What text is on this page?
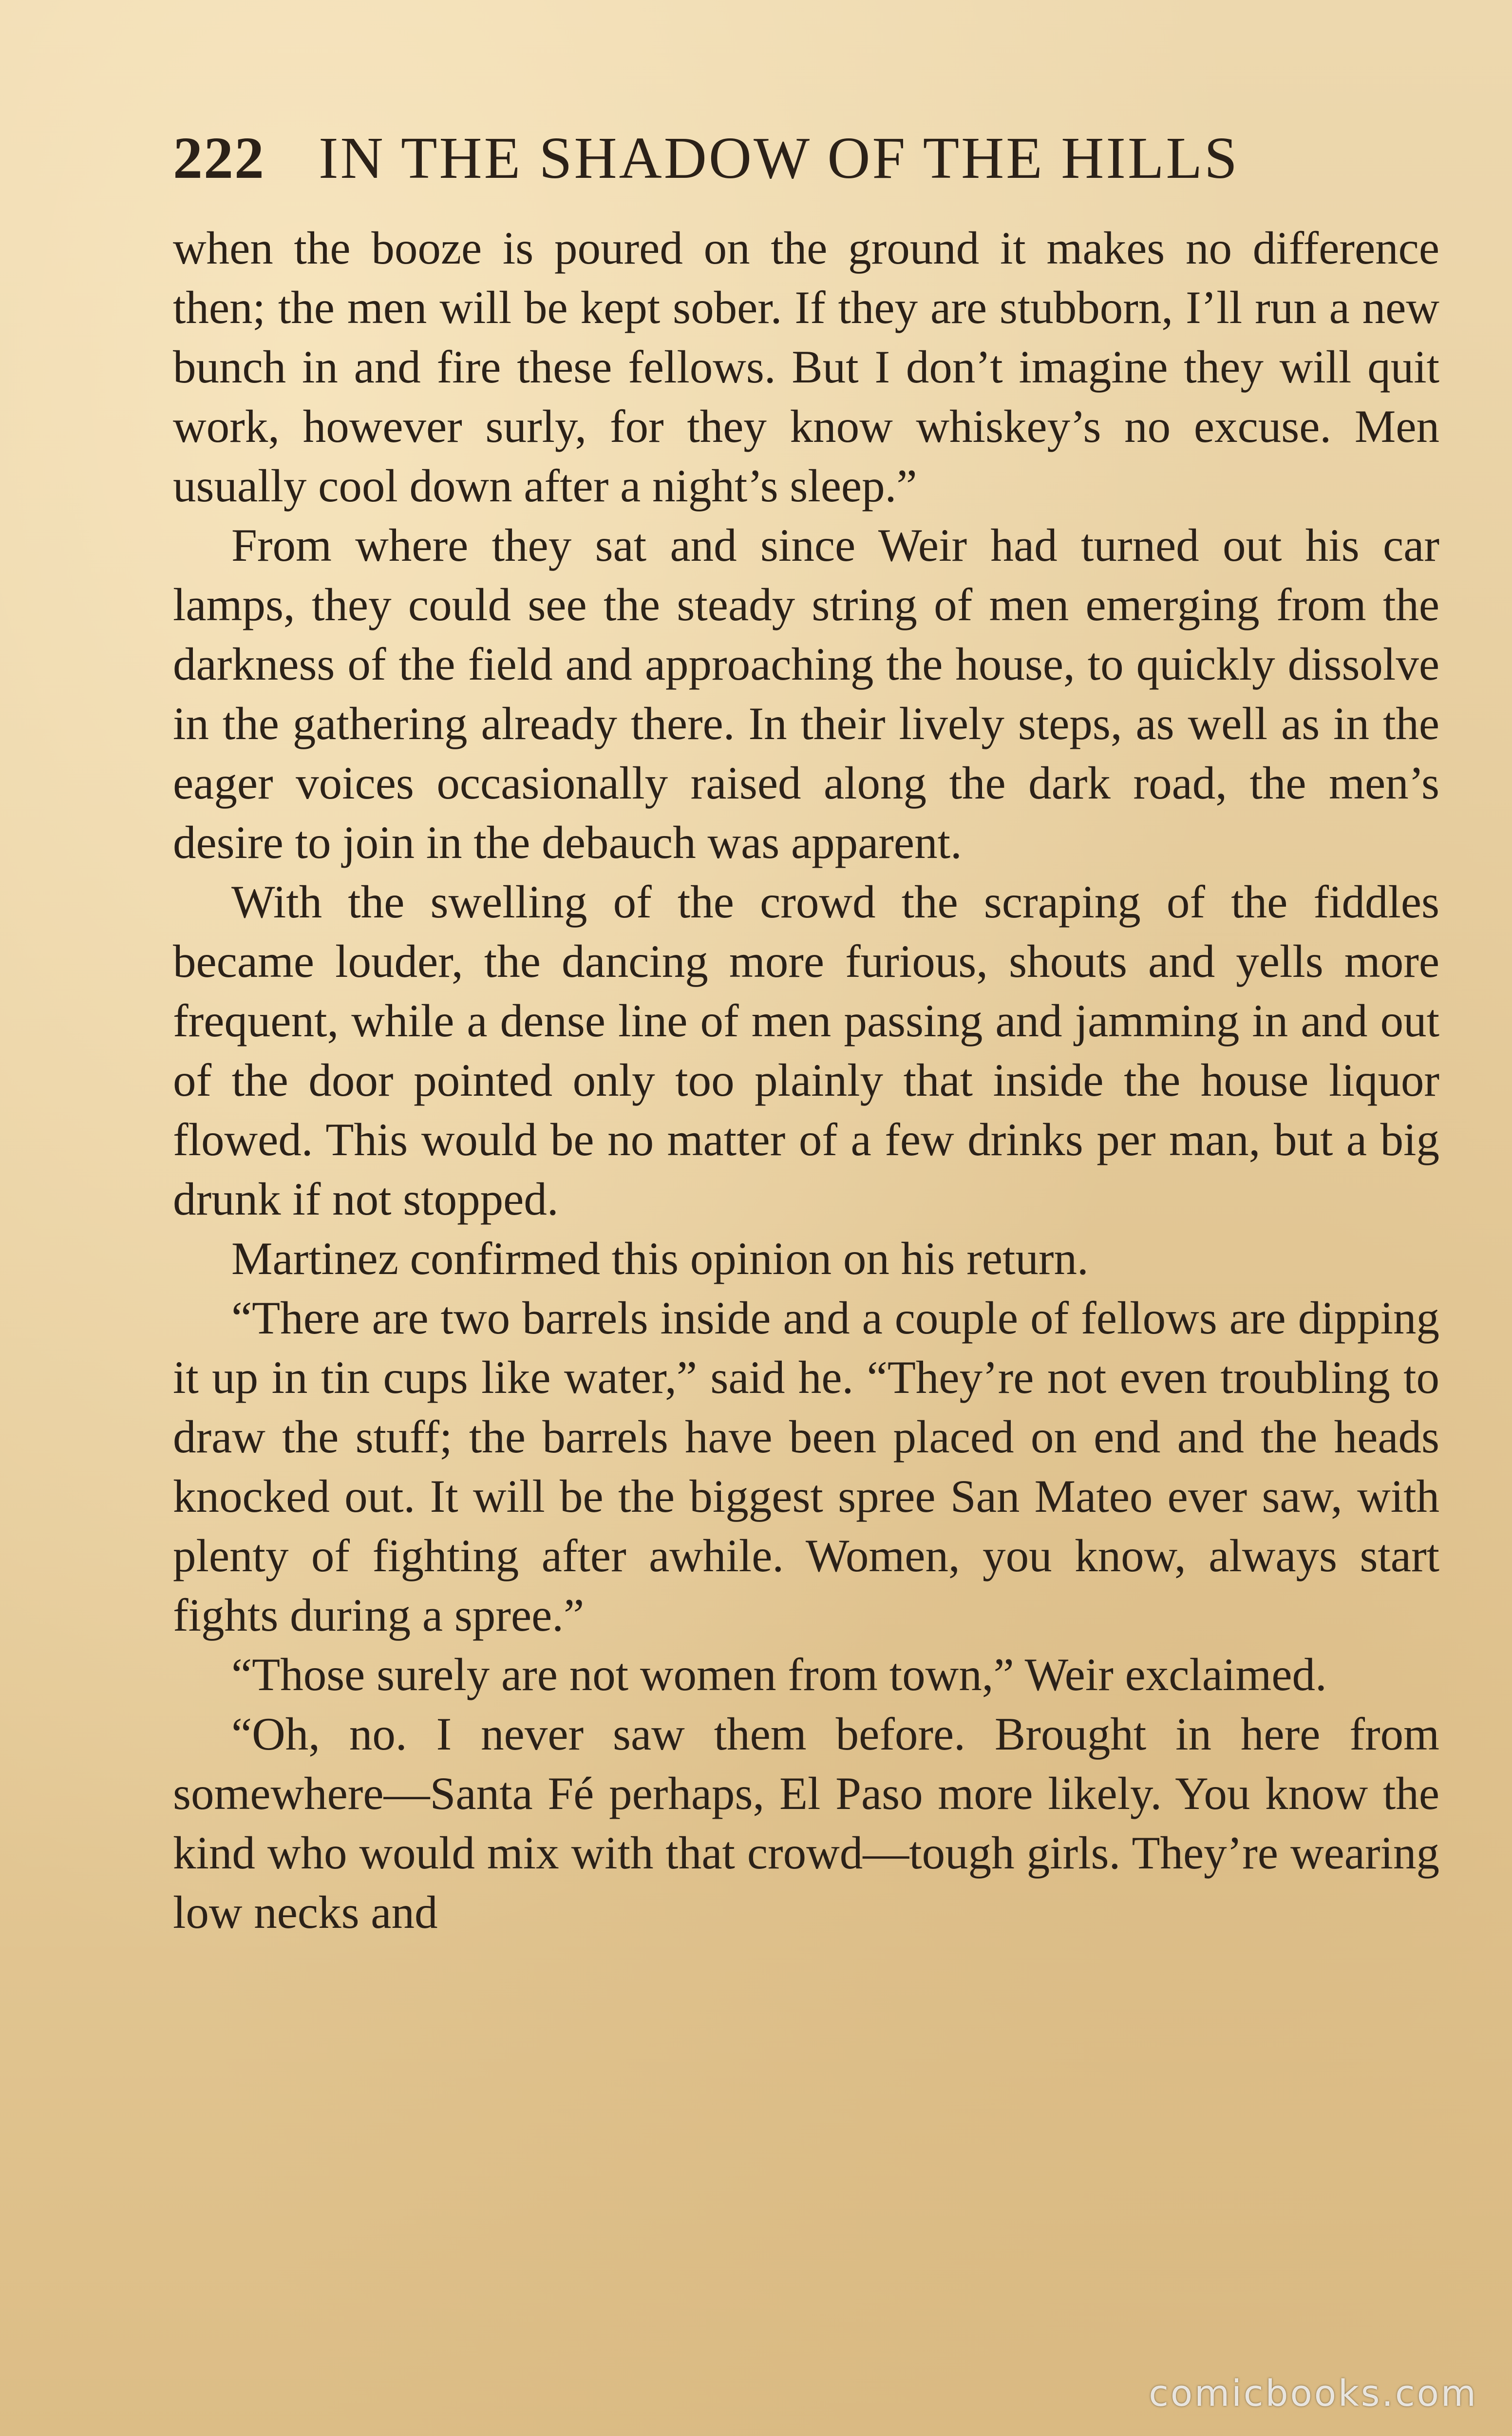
222 IN THE SHADOW OF THE HILLS

when the booze is poured on the ground it makes no difference then; the men will be kept sober. If they are stubborn, I’ll run a new bunch in and fire these fellows. But I don’t imagine they will quit work, however surly, for they know whiskey’s no excuse. Men usually cool down after a night’s sleep.”

From where they sat and since Weir had turned out his car lamps, they could see the steady string of men emerging from the darkness of the field and approaching the house, to quickly dissolve in the gathering already there. In their lively steps, as well as in the eager voices occasionally raised along the dark road, the men’s desire to join in the debauch was apparent.

With the swelling of the crowd the scraping of the fiddles became louder, the dancing more furious, shouts and yells more frequent, while a dense line of men passing and jamming in and out of the door pointed only too plainly that inside the house liquor flowed. This would be no matter of a few drinks per man, but a big drunk if not stopped.

Martinez confirmed this opinion on his return.

“There are two barrels inside and a couple of fellows are dipping it up in tin cups like water,” said he. “They’re not even troubling to draw the stuff; the barrels have been placed on end and the heads knocked out. It will be the biggest spree San Mateo ever saw, with plenty of fighting after awhile. Women, you know, always start fights during a spree.”

“Those surely are not women from town,” Weir exclaimed.

“Oh, no. I never saw them before. Brought in here from somewhere—Santa Fé perhaps, El Paso more likely. You know the kind who would mix with that crowd—tough girls. They’re wearing low necks and

comicbooks.com
